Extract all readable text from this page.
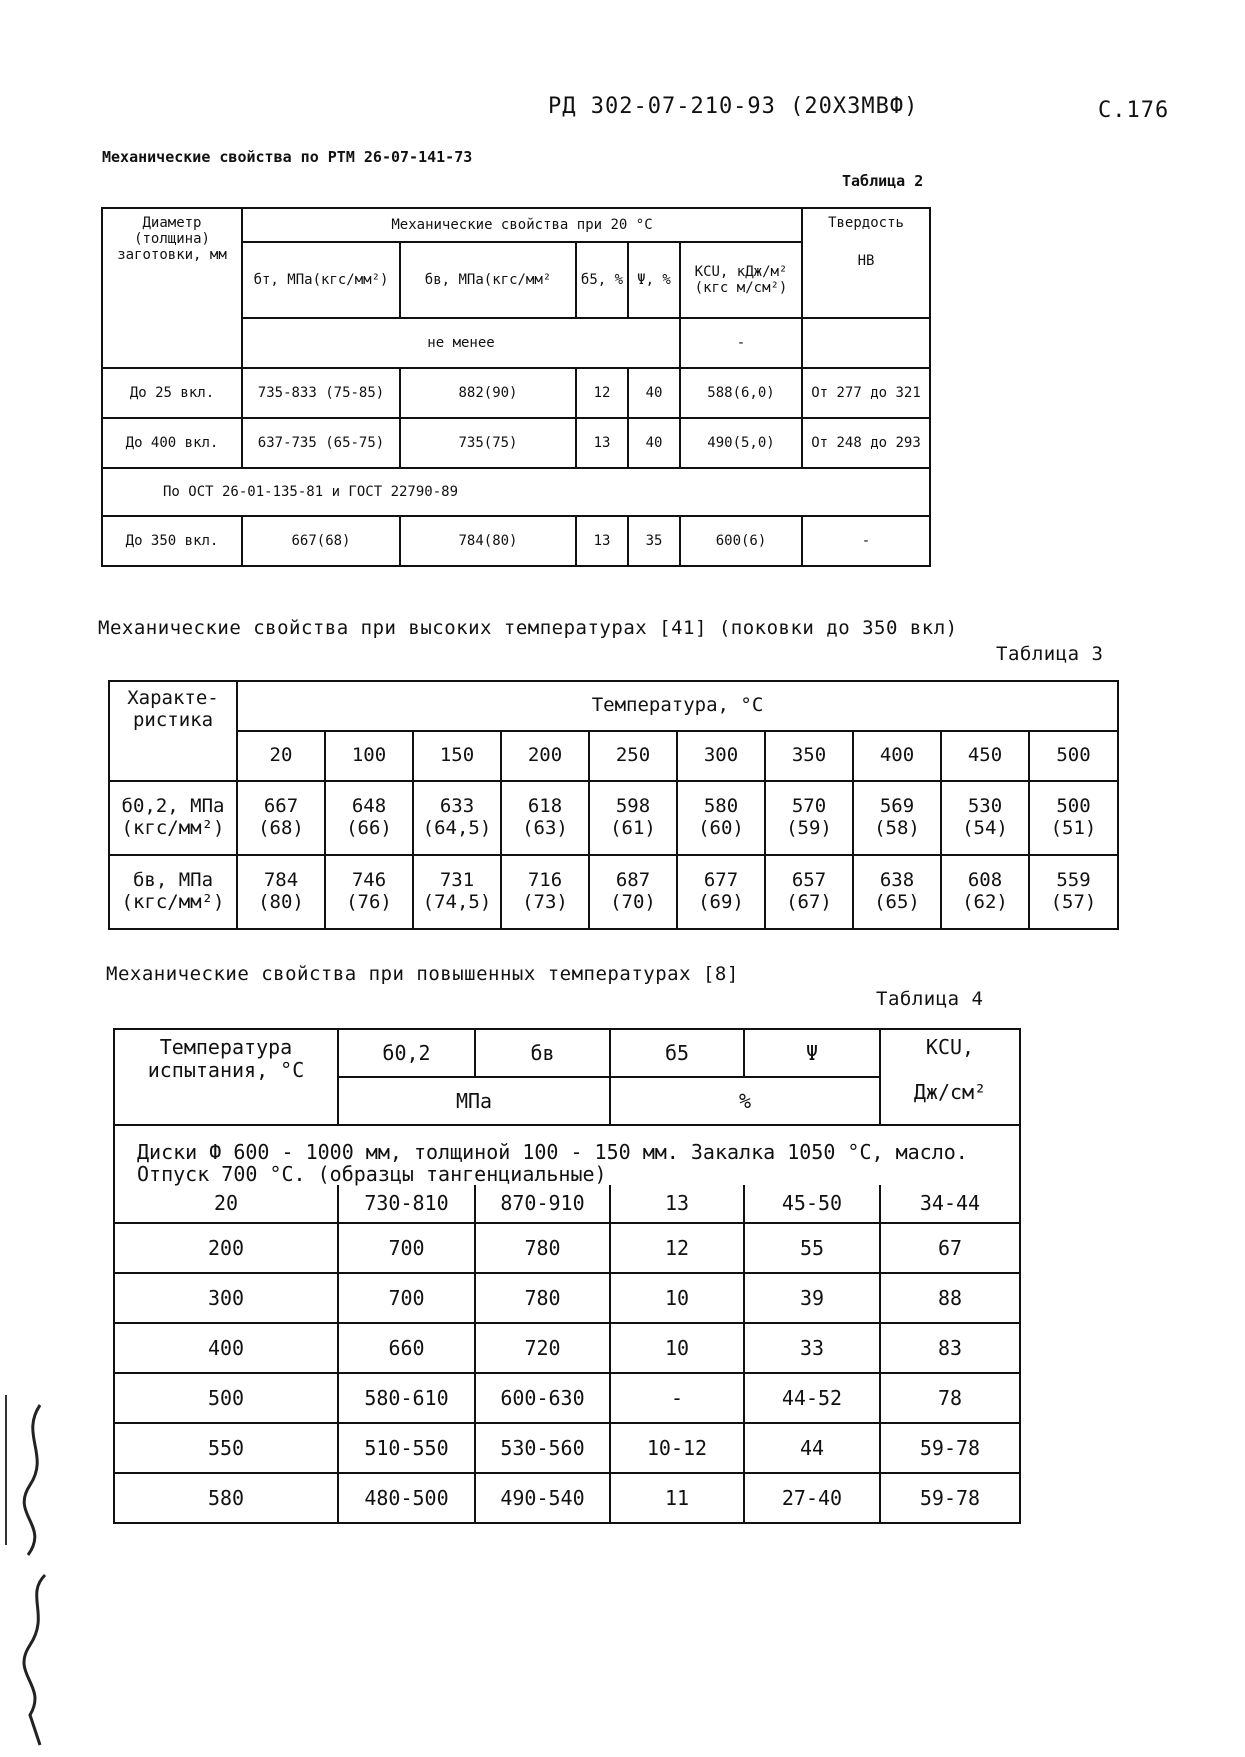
РД 302-07-210-93 (20Х3МВФ)	С.176
Механические свойства по РТМ 26-07-141-73
Таблица 2
Диаметр (толщина) заготовки, мм	Механические свойства при 20 °С					Твердость
НВ

	бт, МПа(кгс/мм²)	бв, МПа(кгс/мм²	б5, %	Ψ, %	КСU, кДж/м² (кгс м/см²)	
	не менее				-	
До 25 вкл.	735-833 (75-85)	882(90)	12	40	588(6,0)	От 277 до 321
До 400 вкл.	637-735 (65-75)	735(75)	13	40	490(5,0)	От 248 до 293
По ОСТ 26-01-135-81 и ГОСТ 22790-89						
До 350 вкл.	667(68)	784(80)	13	35	600(6)	-
Механические свойства при высоких температурах [41] (поковки до 350 вкл)
Таблица 3
Характе- ристика	Температура, °С									
	20	100	150	200	250	300	350	400	450	500
б0,2, МПа (кгс/мм²)	667 (68)	648 (66)	633 (64,5)	618 (63)	598 (61)	580 (60)	570 (59)	569 (58)	530 (54)	500 (51)
бв, МПа (кгс/мм²)	784 (80)	746 (76)	731 (74,5)	716 (73)	687 (70)	677 (69)	657 (67)	638 (65)	608 (62)	559 (57)
Механические свойства при повышенных температурах [8]
Таблица 4
Температура испытания, °С	б0,2	бв	б5	Ψ	КСU,
Дж/см²

	МПа		%		
Диски Ф 600 - 1000 мм, толщиной 100 - 150 мм. Закалка 1050 °С, масло. Отпуск 700 °С. (образцы тангенциальные)					
20	730-810	870-910	13	45-50	34-44
200	700	780	12	55	67
300	700	780	10	39	88
400	660	720	10	33	83
500	580-610	600-630	-	44-52	78
550	510-550	530-560	10-12	44	59-78
580	480-500	490-540	11	27-40	59-78
